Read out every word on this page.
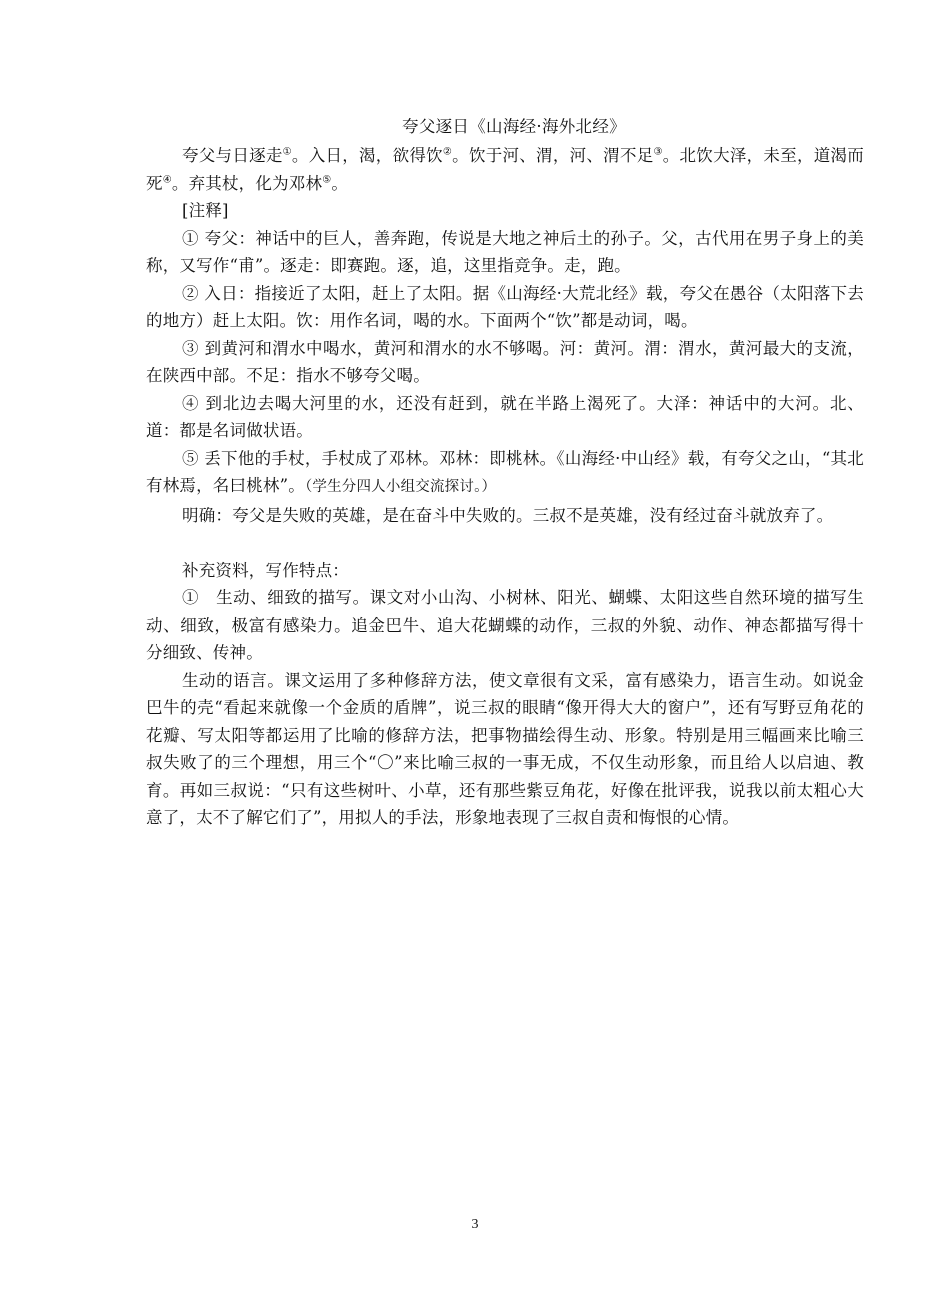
夸父逐日《山海经·海外北经》

夸父与日逐走①。入日，渴，欲得饮②。饮于河、渭，河、渭不足③。北饮大泽，未至，道渴而死④。弃其杖，化为邓林⑤。

[注释]

① 夸父：神话中的巨人，善奔跑，传说是大地之神后土的孙子。父，古代用在男子身上的美称，又写作“甫”。逐走：即赛跑。逐，追，这里指竞争。走，跑。

② 入日：指接近了太阳，赶上了太阳。据《山海经·大荒北经》载，夸父在愚谷（太阳落下去的地方）赶上太阳。饮：用作名词，喝的水。下面两个“饮”都是动词，喝。

③ 到黄河和渭水中喝水，黄河和渭水的水不够喝。河：黄河。渭：渭水，黄河最大的支流，在陕西中部。不足：指水不够夸父喝。

④ 到北边去喝大河里的水，还没有赶到，就在半路上渴死了。大泽：神话中的大河。北、道：都是名词做状语。

⑤ 丢下他的手杖，手杖成了邓林。邓林：即桃林。《山海经·中山经》载，有夸父之山，“其北有林焉，名曰桃林”。（学生分四人小组交流探讨。）

明确：夸父是失败的英雄，是在奋斗中失败的。三叔不是英雄，没有经过奋斗就放弃了。

补充资料，写作特点：

①　生动、细致的描写。课文对小山沟、小树林、阳光、蝴蝶、太阳这些自然环境的描写生动、细致，极富有感染力。追金巴牛、追大花蝴蝶的动作，三叔的外貌、动作、神态都描写得十分细致、传神。

生动的语言。课文运用了多种修辞方法，使文章很有文采，富有感染力，语言生动。如说金巴牛的壳“看起来就像一个金质的盾牌”，说三叔的眼睛“像开得大大的窗户”，还有写野豆角花的花瓣、写太阳等都运用了比喻的修辞方法，把事物描绘得生动、形象。特别是用三幅画来比喻三叔失败了的三个理想，用三个“〇”来比喻三叔的一事无成，不仅生动形象，而且给人以启迪、教育。再如三叔说：“只有这些树叶、小草，还有那些紫豆角花，好像在批评我，说我以前太粗心大意了，太不了解它们了”，用拟人的手法，形象地表现了三叔自责和悔恨的心情。

3
